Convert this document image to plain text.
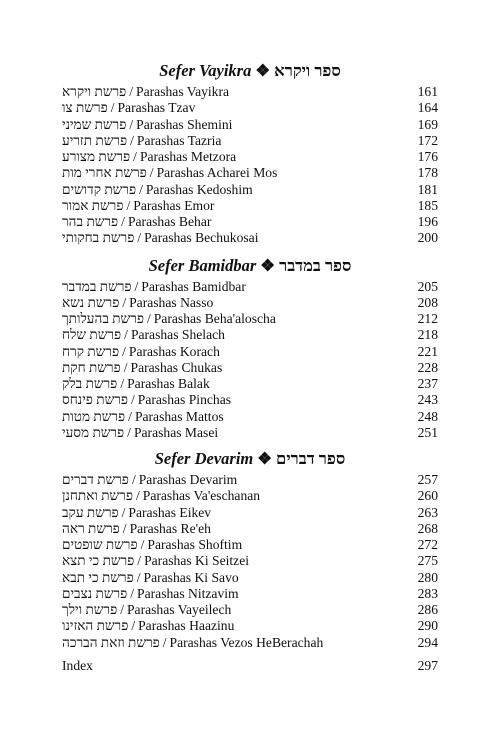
Sefer Vayikra ❖ ספר ויקרא
פרשת ויקרא / Parashas Vayikra	161
פרשת צו / Parashas Tzav	164
פרשת שמיני / Parashas Shemini	169
פרשת תזריע / Parashas Tazria	172
פרשת מצורע / Parashas Metzora	176
פרשת אחרי מות / Parashas Acharei Mos	178
פרשת קדושים / Parashas Kedoshim	181
פרשת אמור / Parashas Emor	185
פרשת בהר / Parashas Behar	196
פרשת בחקותי / Parashas Bechukosai	200
Sefer Bamidbar ❖ ספר במדבר
פרשת במדבר / Parashas Bamidbar	205
פרשת נשא / Parashas Nasso	208
פרשת בהעלותך / Parashas Beha'aloscha	212
פרשת שלח / Parashas Shelach	218
פרשת קרח / Parashas Korach	221
פרשת חקת / Parashas Chukas	228
פרשת בלק / Parashas Balak	237
פרשת פינחס / Parashas Pinchas	243
פרשת מטות / Parashas Mattos	248
פרשת מסעי / Parashas Masei	251
Sefer Devarim ❖ ספר דברים
פרשת דברים / Parashas Devarim	257
פרשת ואתחנן / Parashas Va'eschanan	260
פרשת עקב / Parashas Eikev	263
פרשת ראה / Parashas Re'eh	268
פרשת שופטים / Parashas Shoftim	272
פרשת כי תצא / Parashas Ki Seitzei	275
פרשת כי תבא / Parashas Ki Savo	280
פרשת נצבים / Parashas Nitzavim	283
פרשת וילך / Parashas Vayeilech	286
פרשת האזינו / Parashas Haazinu	290
פרשת וזאת הברכה / Parashas Vezos HeBerachah	294
Index	297
